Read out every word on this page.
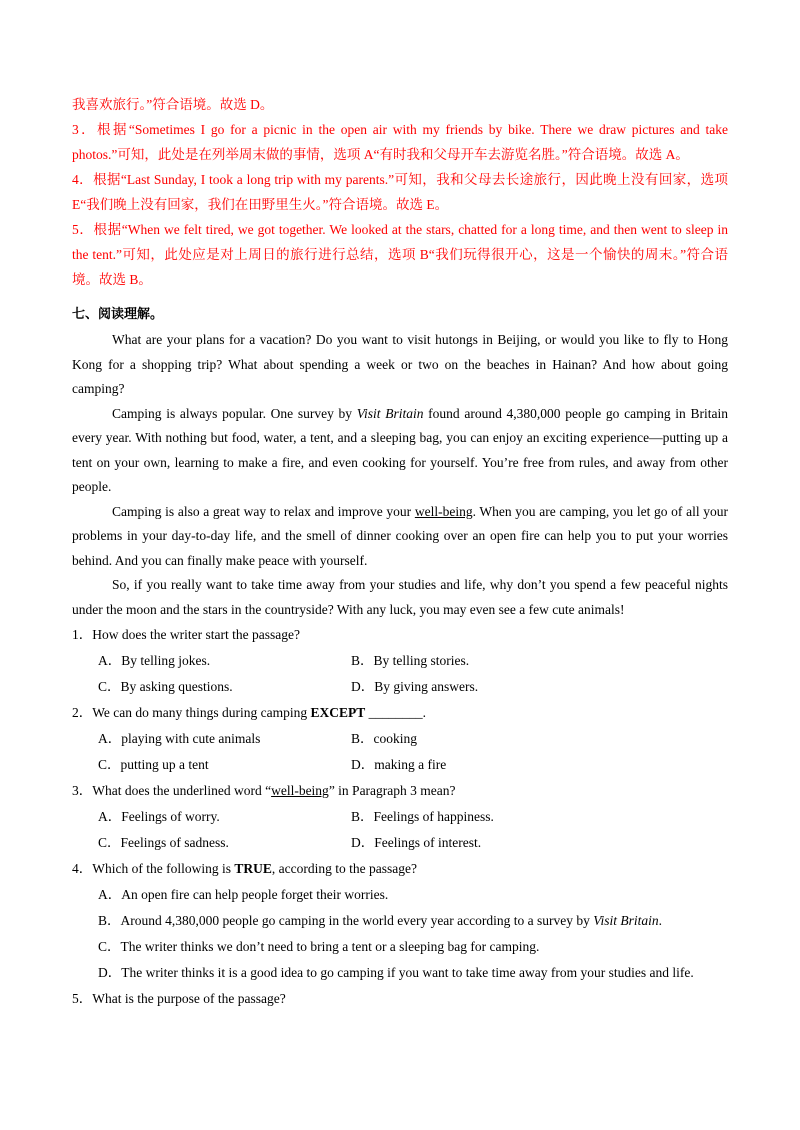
我喜欢旅行。”符合语境。故选 D。

3．根据“Sometimes I go for a picnic in the open air with my friends by bike. There we draw pictures and take photos.”可知，此处是在列举周末做的事情，选项 A“有时我和父母开车去游览名胜。”符合语境。故选 A。

4．根据“Last Sunday, I took a long trip with my parents.”可知，我和父母去长途旅行，因此晚上没有回家，选项 E“我们晚上没有回家，我们在田野里生火。”符合语境。故选 E。

5．根据“When we felt tired, we got together. We looked at the stars, chatted for a long time, and then went to sleep in the tent.”可知，此处应是对上周日的旅行进行总结，选项 B“我们玩得很开心，这是一个愉快的周末。”符合语境。故选 B。

七、阅读理解。

What are your plans for a vacation? Do you want to visit hutongs in Beijing, or would you like to fly to Hong Kong for a shopping trip? What about spending a week or two on the beaches in Hainan? And how about going camping?

Camping is always popular. One survey by Visit Britain found around 4,380,000 people go camping in Britain every year. With nothing but food, water, a tent, and a sleeping bag, you can enjoy an exciting experience—putting up a tent on your own, learning to make a fire, and even cooking for yourself. You’re free from rules, and away from other people.

Camping is also a great way to relax and improve your well-being. When you are camping, you let go of all your problems in your day-to-day life, and the smell of dinner cooking over an open fire can help you to put your worries behind. And you can finally make peace with yourself.

So, if you really want to take time away from your studies and life, why don’t you spend a few peaceful nights under the moon and the stars in the countryside? With any luck, you may even see a few cute animals!

1．How does the writer start the passage?

A．By telling jokes.	B．By telling stories.
C．By asking questions.	D．By giving answers.

2．We can do many things during camping EXCEPT ________.

A．playing with cute animals	B．cooking
C．putting up a tent	D．making a fire

3．What does the underlined word “well-being” in Paragraph 3 mean?

A．Feelings of worry.	B．Feelings of happiness.
C．Feelings of sadness.	D．Feelings of interest.

4．Which of the following is TRUE, according to the passage?

A．An open fire can help people forget their worries.

B．Around 4,380,000 people go camping in the world every year according to a survey by Visit Britain.

C．The writer thinks we don’t need to bring a tent or a sleeping bag for camping.

D．The writer thinks it is a good idea to go camping if you want to take time away from your studies and life.

5．What is the purpose of the passage?
